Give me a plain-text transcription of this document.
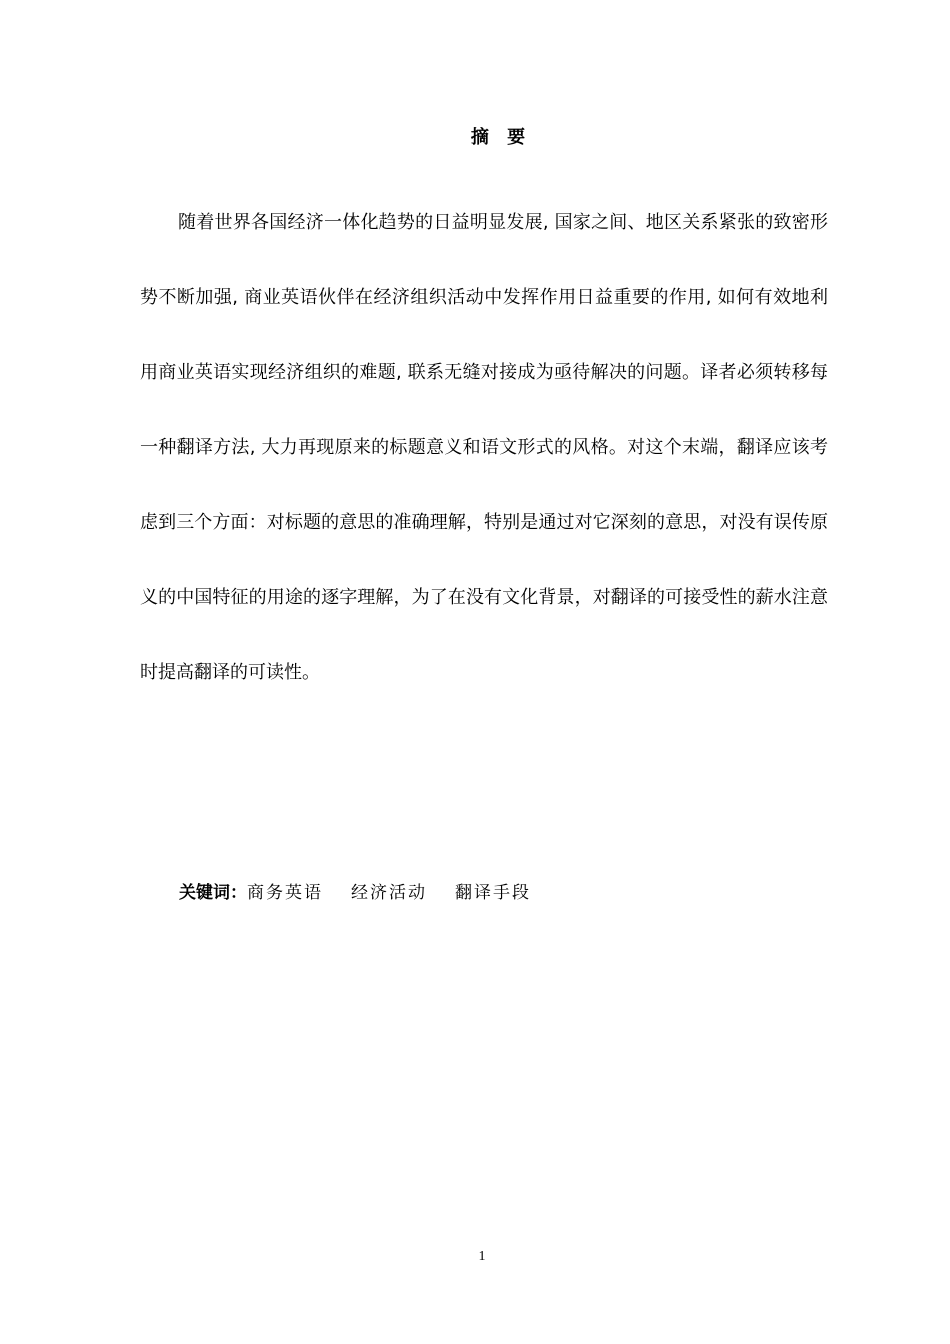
摘 要

随着世界各国经济一体化趋势的日益明显发展, 国家之间、地区关系紧张的致密形势不断加强, 商业英语伙伴在经济组织活动中发挥作用日益重要的作用, 如何有效地利用商业英语实现经济组织的难题, 联系无缝对接成为亟待解决的问题。译者必须转移每一种翻译方法, 大力再现原来的标题意义和语文形式的风格。对这个末端，翻译应该考虑到三个方面：对标题的意思的准确理解，特别是通过对它深刻的意思，对没有误传原义的中国特征的用途的逐字理解，为了在没有文化背景，对翻译的可接受性的薪水注意时提高翻译的可读性。

关键词：商务英语 经济活动 翻译手段
1
